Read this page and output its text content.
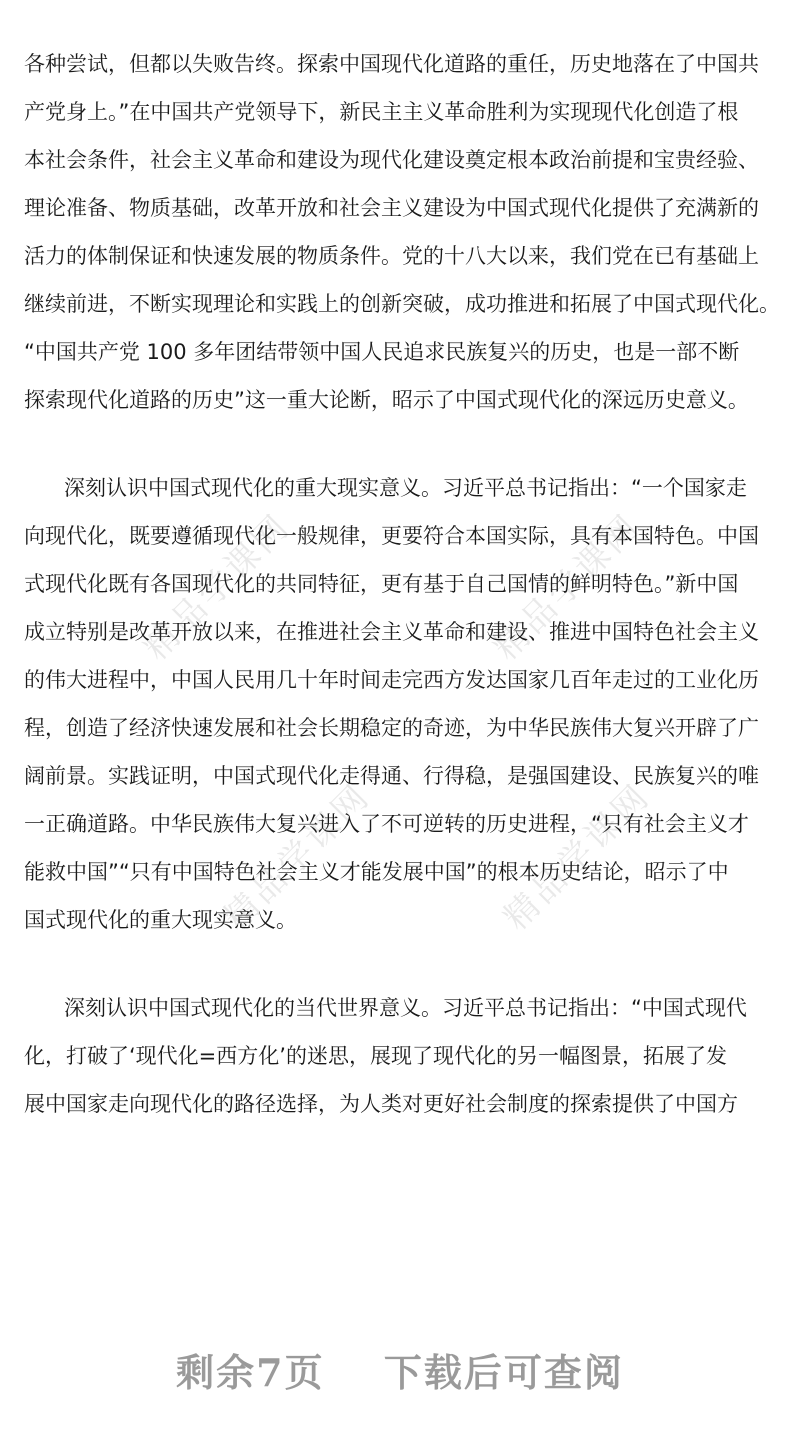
精品学课网	精品学课网
精品学课网	精品学课网
各种尝试，但都以失败告终。探索中国现代化道路的重任，历史地落在了中国共
产党身上。”在中国共产党领导下，新民主主义革命胜利为实现现代化创造了根
本社会条件，社会主义革命和建设为现代化建设奠定根本政治前提和宝贵经验、
理论准备、物质基础，改革开放和社会主义建设为中国式现代化提供了充满新的
活力的体制保证和快速发展的物质条件。党的十八大以来，我们党在已有基础上
继续前进，不断实现理论和实践上的创新突破，成功推进和拓展了中国式现代化。
“中国共产党 100 多年团结带领中国人民追求民族复兴的历史，也是一部不断
探索现代化道路的历史”这一重大论断，昭示了中国式现代化的深远历史意义。
深刻认识中国式现代化的重大现实意义。习近平总书记指出：“一个国家走
向现代化，既要遵循现代化一般规律，更要符合本国实际，具有本国特色。中国
式现代化既有各国现代化的共同特征，更有基于自己国情的鲜明特色。”新中国
成立特别是改革开放以来，在推进社会主义革命和建设、推进中国特色社会主义
的伟大进程中，中国人民用几十年时间走完西方发达国家几百年走过的工业化历
程，创造了经济快速发展和社会长期稳定的奇迹，为中华民族伟大复兴开辟了广
阔前景。实践证明，中国式现代化走得通、行得稳，是强国建设、民族复兴的唯
一正确道路。中华民族伟大复兴进入了不可逆转的历史进程，“只有社会主义才
能救中国”“只有中国特色社会主义才能发展中国”的根本历史结论，昭示了中
国式现代化的重大现实意义。
深刻认识中国式现代化的当代世界意义。习近平总书记指出：“中国式现代
化，打破了‘现代化=西方化’的迷思，展现了现代化的另一幅图景，拓展了发
展中国家走向现代化的路径选择，为人类对更好社会制度的探索提供了中国方
剩余7页 下载后可查阅
